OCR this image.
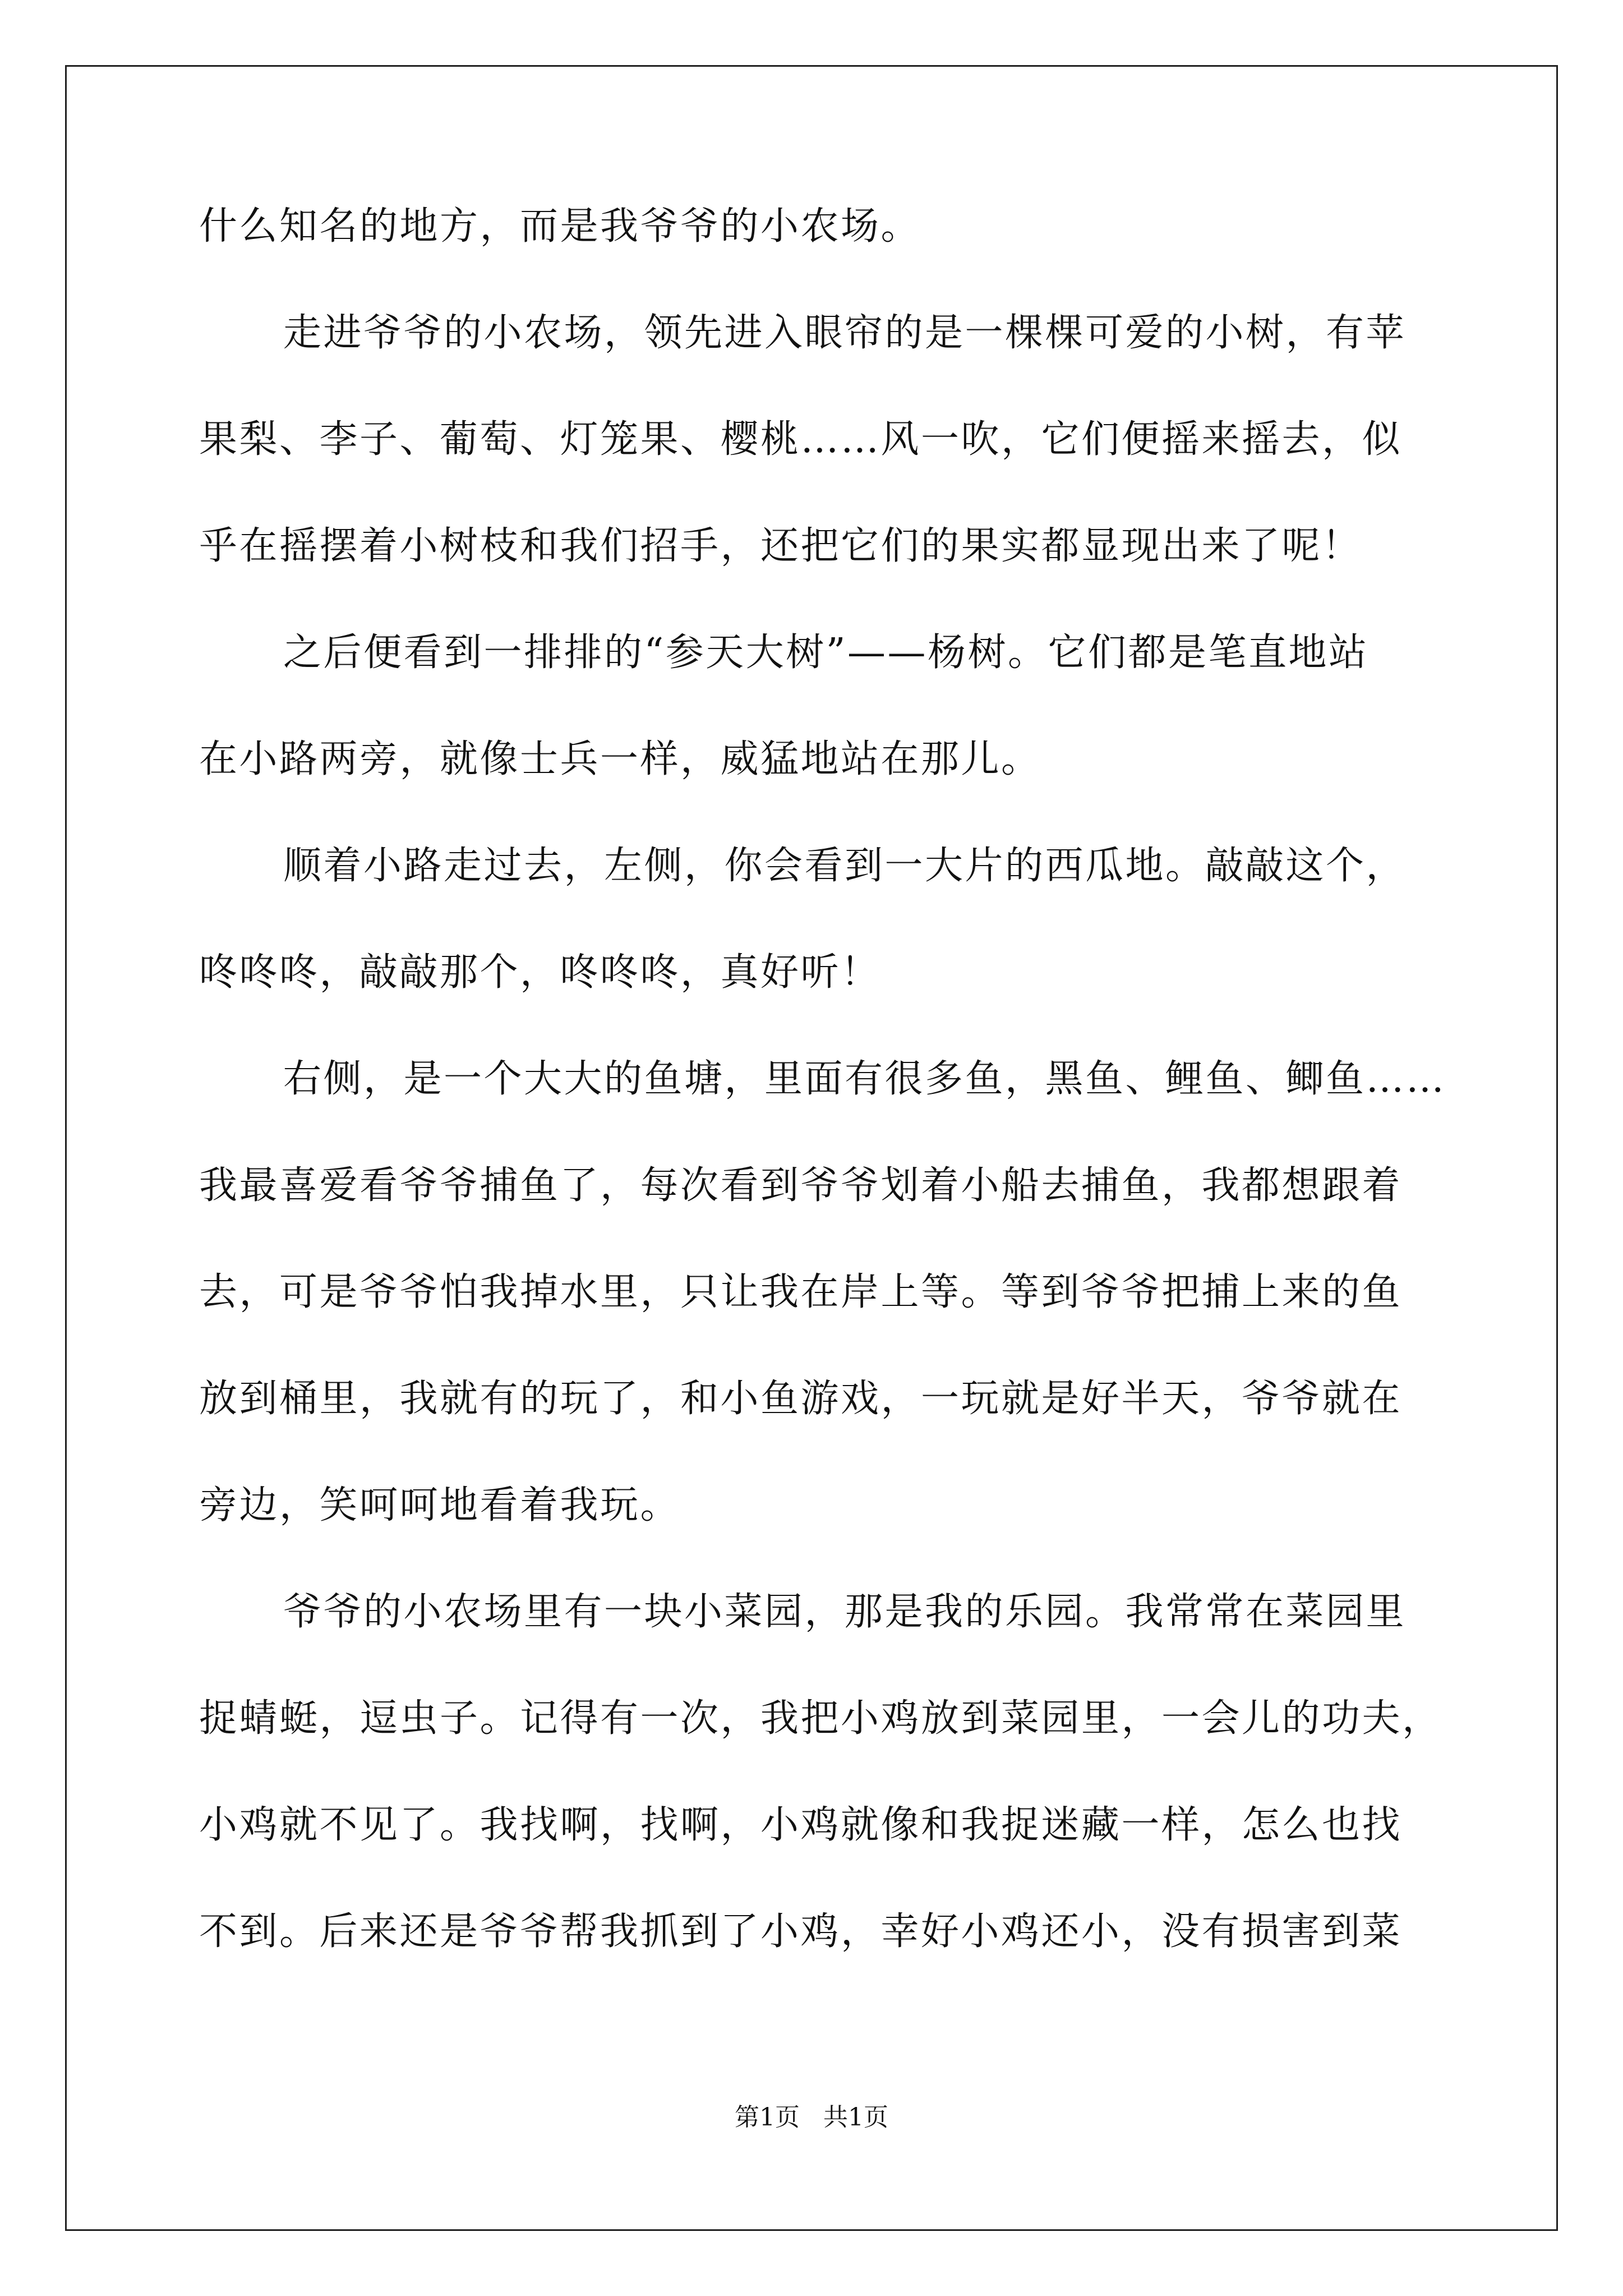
什么知名的地方，而是我爷爷的小农场。
走进爷爷的小农场，领先进入眼帘的是一棵棵可爱的小树，有苹
果梨、李子、葡萄、灯笼果、樱桃……风一吹，它们便摇来摇去，似
乎在摇摆着小树枝和我们招手，还把它们的果实都显现出来了呢！
之后便看到一排排的“参天大树”——杨树。它们都是笔直地站
在小路两旁，就像士兵一样，威猛地站在那儿。
顺着小路走过去，左侧，你会看到一大片的西瓜地。敲敲这个，
咚咚咚，敲敲那个，咚咚咚，真好听！
右侧，是一个大大的鱼塘，里面有很多鱼，黑鱼、鲤鱼、鲫鱼……
我最喜爱看爷爷捕鱼了，每次看到爷爷划着小船去捕鱼，我都想跟着
去，可是爷爷怕我掉水里，只让我在岸上等。等到爷爷把捕上来的鱼
放到桶里，我就有的玩了，和小鱼游戏，一玩就是好半天，爷爷就在
旁边，笑呵呵地看着我玩。
爷爷的小农场里有一块小菜园，那是我的乐园。我常常在菜园里
捉蜻蜓，逗虫子。记得有一次，我把小鸡放到菜园里，一会儿的功夫，
小鸡就不见了。我找啊，找啊，小鸡就像和我捉迷藏一样，怎么也找
不到。后来还是爷爷帮我抓到了小鸡，幸好小鸡还小，没有损害到菜
第1页   共1页
